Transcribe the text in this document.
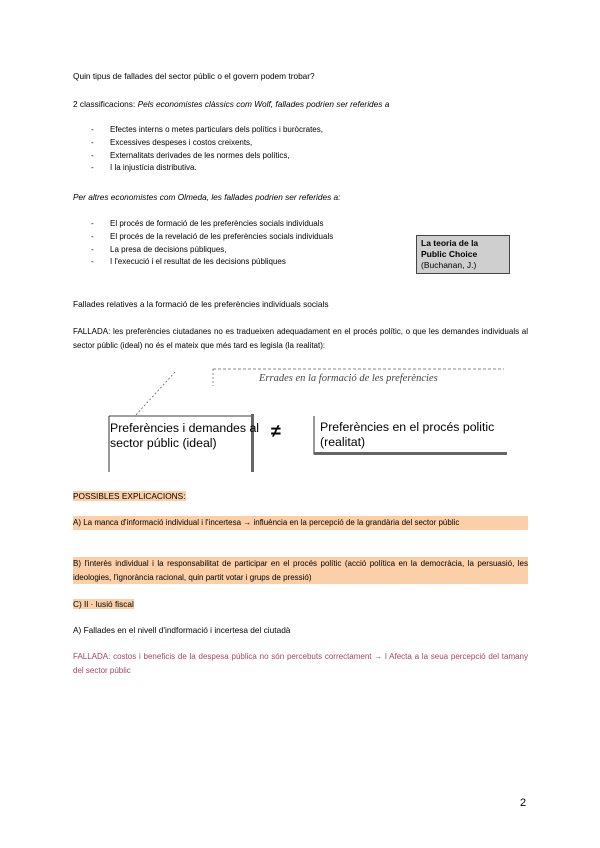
Quin tipus de fallades del sector públic o el govern podem trobar?
2 classificacions: Pels economistes clàssics com Wolf, fallades podrien ser referides a
- Efectes interns o metes particulars dels polítics i buròcrates,
- Excessives despeses i costos creixents,
- Externalitats derivades de les normes dels polítics,
- I la injustícia distributiva.
Per altres economistes com Olmeda, les fallades podrien ser referides a:
- El procés de formació de les preferències socials individuals
- El procés de la revelació de les preferències socials individuals
- La presa de decisions públiques,
- I l'execució i el resultat de les decisions públiques
La teoria de la
Public Choice
(Buchanan, J.)
Fallades relatives a la formació de les preferències individuals socials
FALLADA: les preferències ciutadanes no es tradueixen adequadament en el procés polític, o que les demandes individuals al sector públic (ideal) no és el mateix que més tard es legisla (la realitat):
Errades en la formació de les preferències
Preferències i demandes al sector públic (ideal)
≠	Preferències en el procés politic (realitat)
POSSIBLES EXPLICACIONS:
A) La manca d'informació individual i l'incertesa → influència en la percepció de la grandària del sector públic
B) l'interès individual i la responsabilitat de participar en el procés polític (acció política en la democràcia, la persuasió, les ideologies, l'ignorància racional, quin partit votar i grups de pressió)
C) Il · lusió fiscal
A) Fallades en el nivell d'indformació i incertesa del ciutadà
FALLADA: costos i beneficis de la despesa pública no són percebuts correctament → l Afecta a la seua percepció del tamany del sector públic
2
